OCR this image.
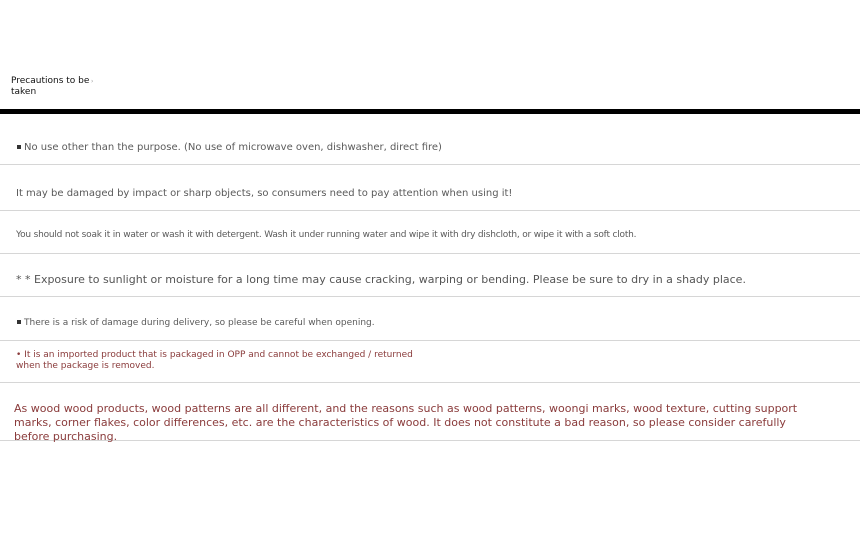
Precautions to be taken
›
No use other than the purpose. (No use of microwave oven, dishwasher, direct fire)
It may be damaged by impact or sharp objects, so consumers need to pay attention when using it!
You should not soak it in water or wash it with detergent. Wash it under running water and wipe it with dry dishcloth, or wipe it with a soft cloth.
* * Exposure to sunlight or moisture for a long time may cause cracking, warping or bending. Please be sure to dry in a shady place.
There is a risk of damage during delivery, so please be careful when opening.
• It is an imported product that is packaged in OPP and cannot be exchanged / returned when the package is removed.
As wood wood products, wood patterns are all different, and the reasons such as wood patterns, woongi marks, wood texture, cutting support marks, corner flakes, color differences, etc. are the characteristics of wood. It does not constitute a bad reason, so please consider carefully before purchasing.
